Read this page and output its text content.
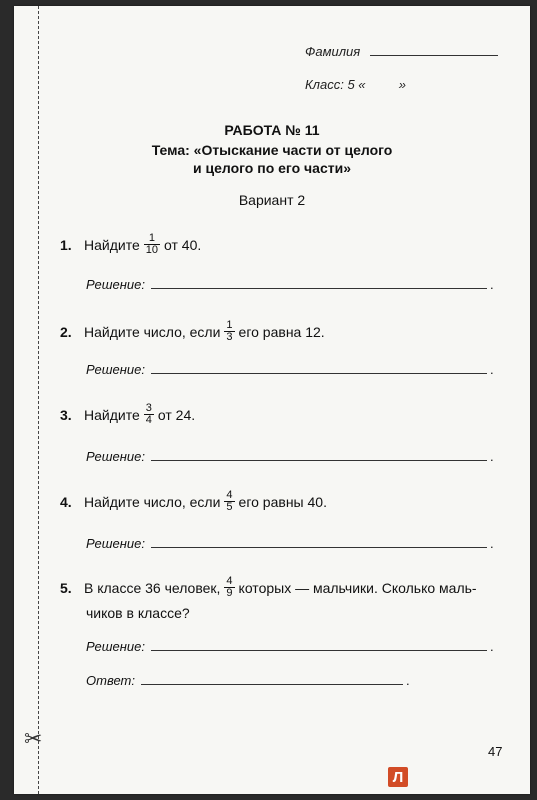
✂
Фамилия
Класс: 5 «	»
РАБОТА № 11
Тема: «Отыскание части от целого
и целого по его части»
Вариант 2
1. Найдите $\frac{1}{10}$ от 40.
Решение:	.
2. Найдите число, если $\frac{1}{3}$ его равна 12.
Решение:	.
3. Найдите $\frac{3}{4}$ от 24.
Решение:	.
4. Найдите число, если $\frac{4}{5}$ его равны 40.
Решение:	.
5. В классе 36 человек, $\frac{4}{9}$ которых — мальчики. Сколько маль-
чиков в классе?
Решение:	.
Ответ:	.
47
Л
